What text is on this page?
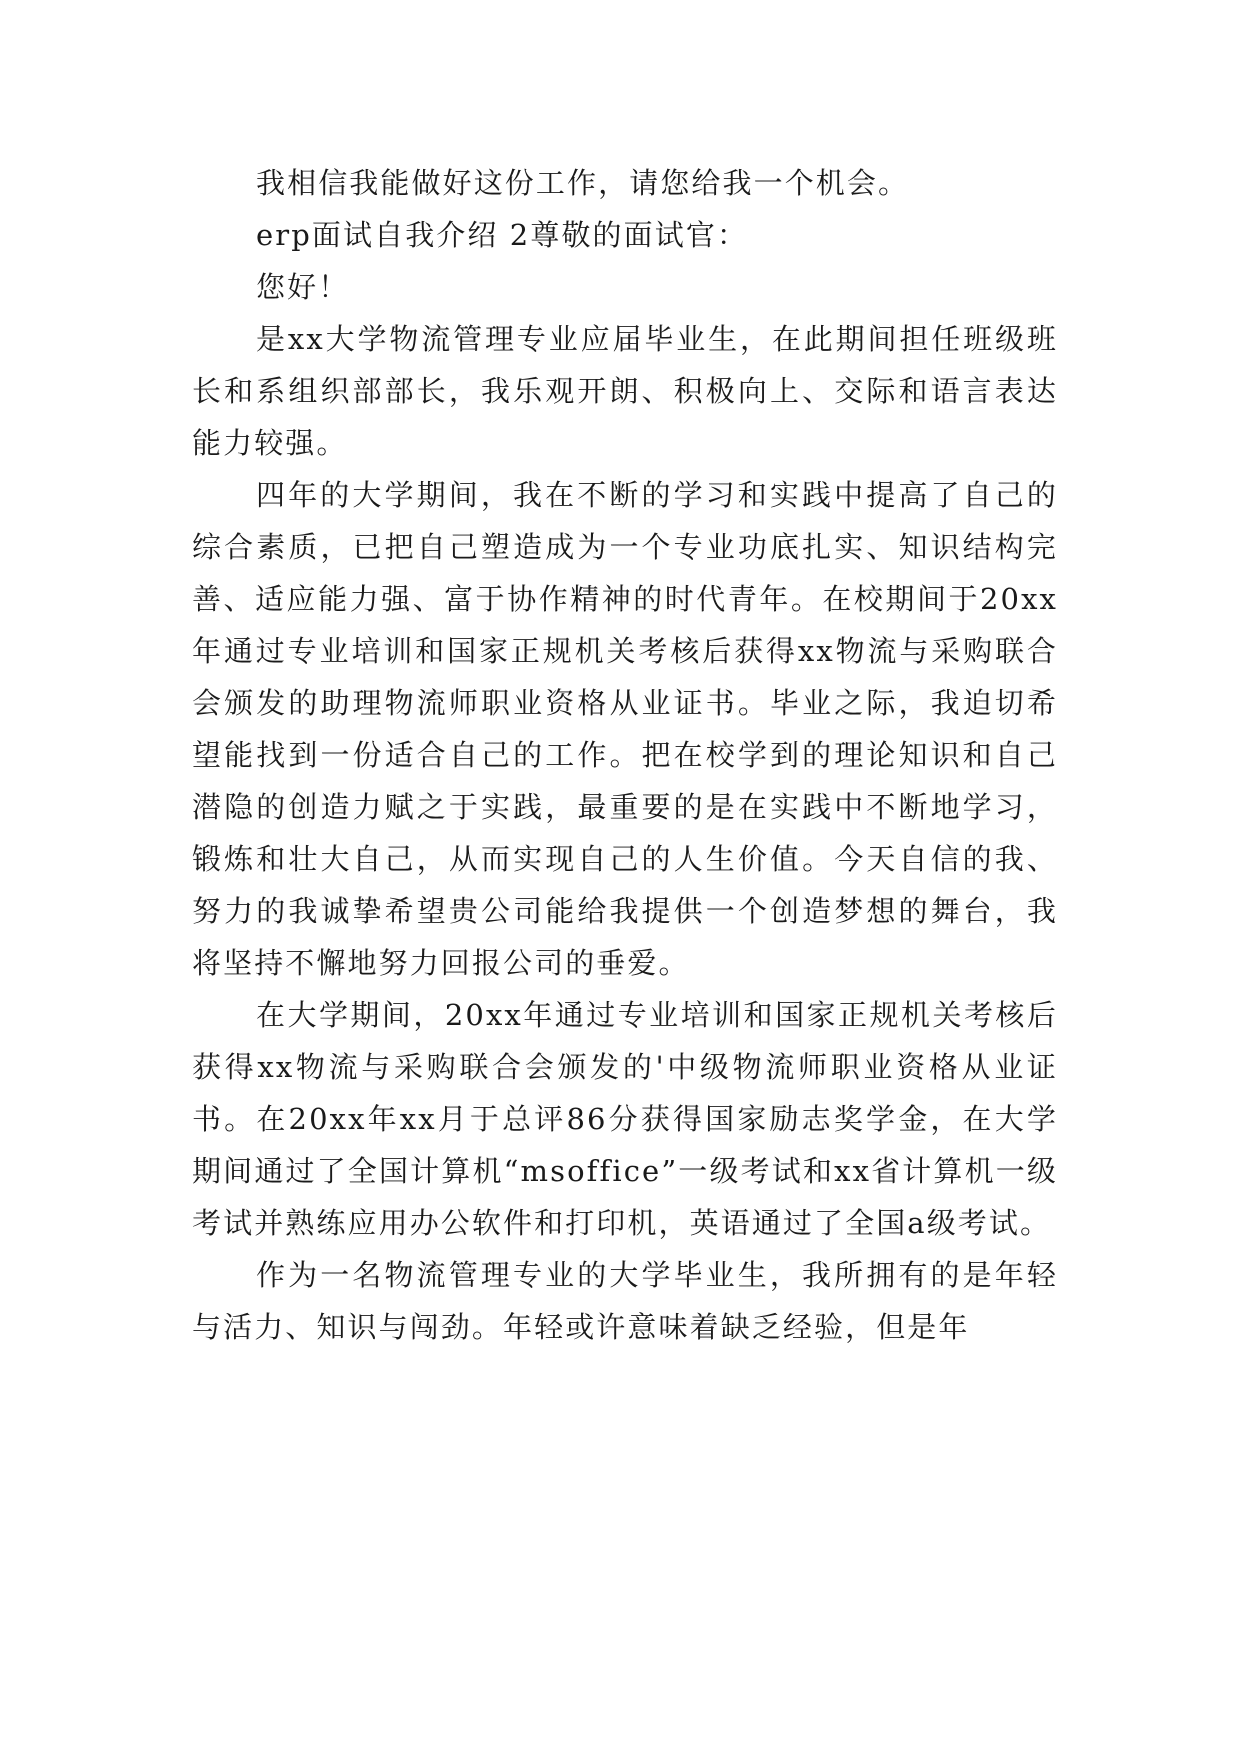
我相信我能做好这份工作，请您给我一个机会。

erp面试自我介绍 2尊敬的面试官：

您好！

是xx大学物流管理专业应届毕业生，在此期间担任班级班长和系组织部部长，我乐观开朗、积极向上、交际和语言表达能力较强。

四年的大学期间，我在不断的学习和实践中提高了自己的综合素质，已把自己塑造成为一个专业功底扎实、知识结构完善、适应能力强、富于协作精神的时代青年。在校期间于20xx年通过专业培训和国家正规机关考核后获得xx物流与采购联合会颁发的助理物流师职业资格从业证书。毕业之际，我迫切希望能找到一份适合自己的工作。把在校学到的理论知识和自己潜隐的创造力赋之于实践，最重要的是在实践中不断地学习，锻炼和壮大自己，从而实现自己的人生价值。今天自信的我、努力的我诚挚希望贵公司能给我提供一个创造梦想的舞台，我将坚持不懈地努力回报公司的垂爱。

在大学期间，20xx年通过专业培训和国家正规机关考核后获得xx物流与采购联合会颁发的'中级物流师职业资格从业证书。在20xx年xx月于总评86分获得国家励志奖学金，在大学期间通过了全国计算机“msoffice”一级考试和xx省计算机一级考试并熟练应用办公软件和打印机，英语通过了全国a级考试。

作为一名物流管理专业的大学毕业生，我所拥有的是年轻与活力、知识与闯劲。年轻或许意味着缺乏经验，但是年
